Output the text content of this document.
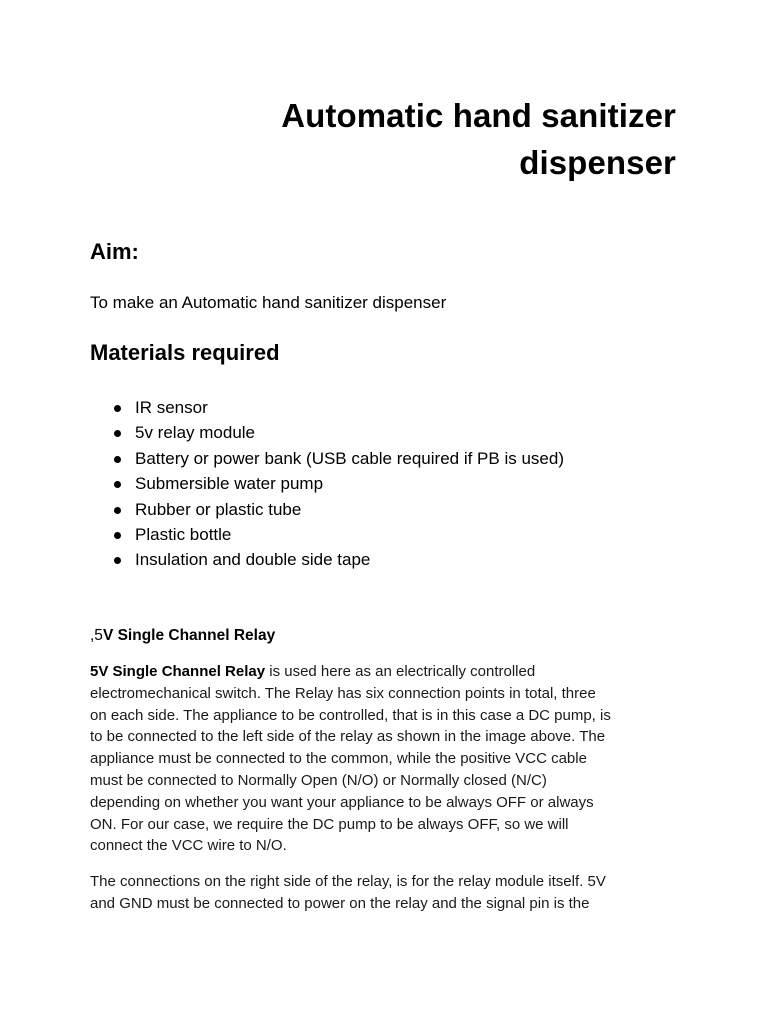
Automatic hand sanitizer
dispenser
Aim:

To make an Automatic hand sanitizer dispenser

Materials required
IR sensor
5v relay module
Battery or power bank (USB cable required if PB is used)
Submersible water pump
Rubber or plastic tube
Plastic bottle
Insulation and double side tape

,5V Single Channel Relay

5V Single Channel Relay is used here as an electrically controlled
electromechanical switch. The Relay has six connection points in total, three
on each side. The appliance to be controlled, that is in this case a DC pump, is
to be connected to the left side of the relay as shown in the image above. The
appliance must be connected to the common, while the positive VCC cable
must be connected to Normally Open (N/O) or Normally closed (N/C)
depending on whether you want your appliance to be always OFF or always
ON. For our case, we require the DC pump to be always OFF, so we will
connect the VCC wire to N/O.

The connections on the right side of the relay, is for the relay module itself. 5V
and GND must be connected to power on the relay and the signal pin is the
